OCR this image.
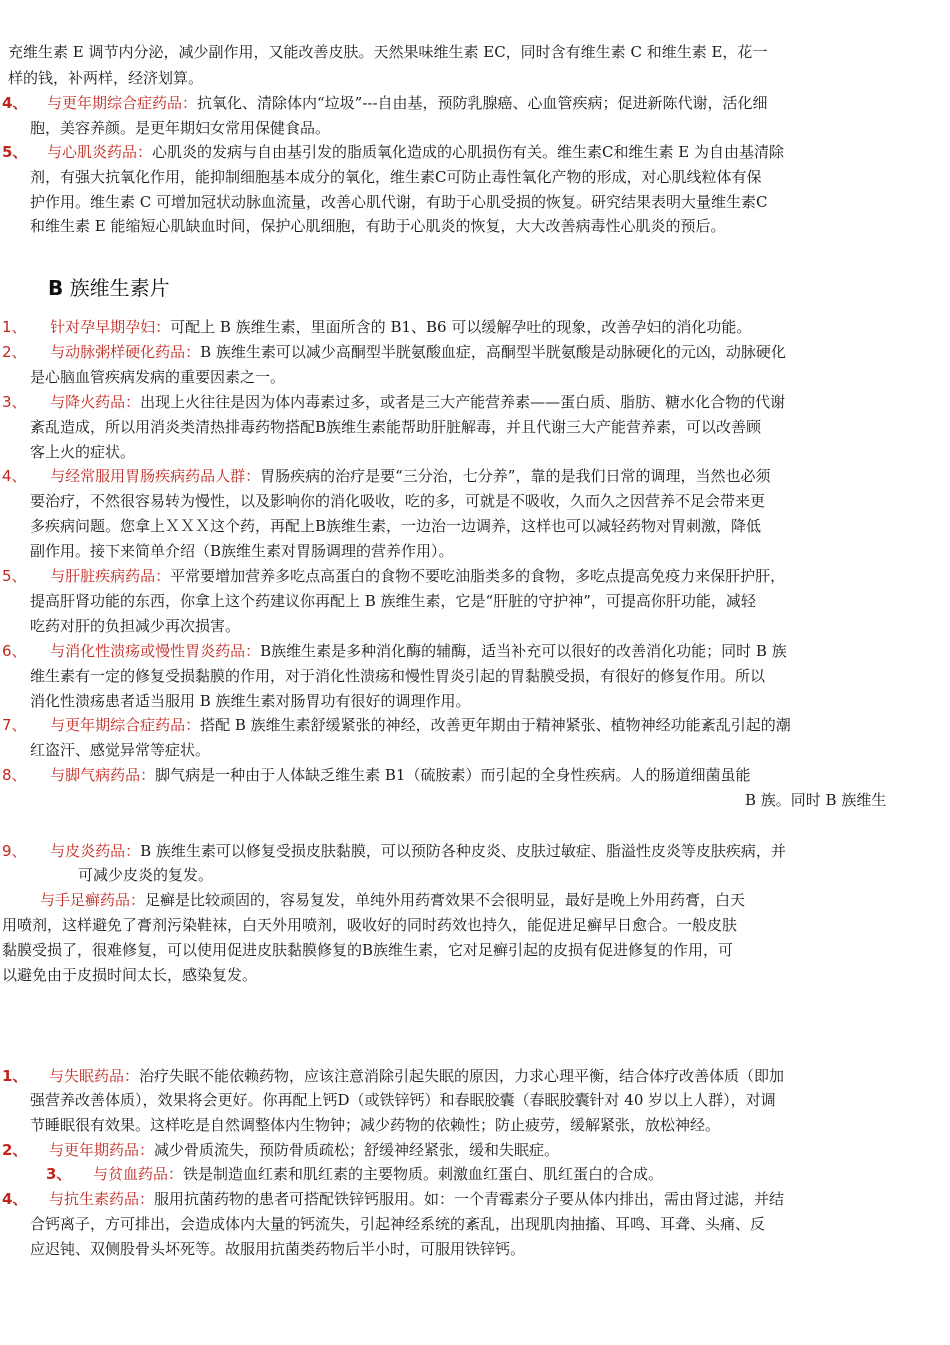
充维生素 E 调节内分泌，减少副作用，又能改善皮肤。天然果味维生素 EC，同时含有维生素 C 和维生素 E，花一
样的钱，补两样，经济划算。
4、 与更年期综合症药品：抗氧化、清除体内“垃圾”---自由基，预防乳腺癌、心血管疾病；促进新陈代谢，活化细
胞，美容养颜。是更年期妇女常用保健食品。
5、 与心肌炎药品：心肌炎的发病与自由基引发的脂质氧化造成的心肌损伤有关。维生素C和维生素 E 为自由基清除
剂，有强大抗氧化作用，能抑制细胞基本成分的氧化，维生素C可防止毒性氧化产物的形成，对心肌线粒体有保
护作用。维生素 C 可增加冠状动脉血流量，改善心肌代谢，有助于心肌受损的恢复。研究结果表明大量维生素C
和维生素 E 能缩短心肌缺血时间，保护心肌细胞，有助于心肌炎的恢复，大大改善病毒性心肌炎的预后。
B 族维生素片
1、 针对孕早期孕妇：可配上 B 族维生素，里面所含的 B1、B6 可以缓解孕吐的现象，改善孕妇的消化功能。
2、 与动脉粥样硬化药品：B 族维生素可以减少高酮型半胱氨酸血症，高酮型半胱氨酸是动脉硬化的元凶，动脉硬化
是心脑血管疾病发病的重要因素之一。
3、 与降火药品：出现上火往往是因为体内毒素过多，或者是三大产能营养素——蛋白质、脂肪、糖水化合物的代谢
紊乱造成，所以用消炎类清热排毒药物搭配B族维生素能帮助肝脏解毒，并且代谢三大产能营养素，可以改善顾
客上火的症状。
4、 与经常服用胃肠疾病药品人群：胃肠疾病的治疗是要“三分治，七分养”，靠的是我们日常的调理，当然也必须
要治疗，不然很容易转为慢性，以及影响你的消化吸收，吃的多，可就是不吸收，久而久之因营养不足会带来更
多疾病问题。您拿上ＸＸＸ这个药，再配上B族维生素，一边治一边调养，这样也可以减轻药物对胃刺激，降低
副作用。接下来简单介绍（B族维生素对胃肠调理的营养作用）。
5、 与肝脏疾病药品：平常要增加营养多吃点高蛋白的食物不要吃油脂类多的食物，多吃点提高免疫力来保肝护肝，
提高肝肾功能的东西，你拿上这个药建议你再配上 B 族维生素，它是“肝脏的守护神”，可提高你肝功能，减轻
吃药对肝的负担减少再次损害。
6、 与消化性溃疡或慢性胃炎药品：B族维生素是多种消化酶的辅酶，适当补充可以很好的改善消化功能；同时 B 族
维生素有一定的修复受损黏膜的作用，对于消化性溃疡和慢性胃炎引起的胃黏膜受损，有很好的修复作用。所以
消化性溃疡患者适当服用 B 族维生素对肠胃功有很好的调理作用。
7、 与更年期综合症药品：搭配 B 族维生素舒缓紧张的神经，改善更年期由于精神紧张、植物神经功能紊乱引起的潮
红盗汗、感觉异常等症状。
8、 与脚气病药品：脚气病是一种由于人体缺乏维生素 B1（硫胺素）而引起的全身性疾病。人的肠道细菌虽能
B 族。同时 B 族维生
9、 与皮炎药品：B 族维生素可以修复受损皮肤黏膜，可以预防各种皮炎、皮肤过敏症、脂溢性皮炎等皮肤疾病，并
可减少皮炎的复发。
与手足癣药品：足癣是比较顽固的，容易复发，单纯外用药膏效果不会很明显，最好是晚上外用药膏，白天
用喷剂，这样避免了膏剂污染鞋袜，白天外用喷剂，吸收好的同时药效也持久，能促进足癣早日愈合。一般皮肤
黏膜受损了，很难修复，可以使用促进皮肤黏膜修复的B族维生素，它对足癣引起的皮损有促进修复的作用，可
以避免由于皮损时间太长，感染复发。
1、 与失眠药品：治疗失眠不能依赖药物，应该注意消除引起失眠的原因，力求心理平衡，结合体疗改善体质（即加
强营养改善体质），效果将会更好。你再配上钙D（或铁锌钙）和春眠胶囊（春眠胶囊针对 40 岁以上人群），对调
节睡眠很有效果。这样吃是自然调整体内生物钟；减少药物的依赖性；防止疲劳，缓解紧张，放松神经。
2、 与更年期药品：减少骨质流失，预防骨质疏松；舒缓神经紧张，缓和失眠症。
3、 与贫血药品：铁是制造血红素和肌红素的主要物质。刺激血红蛋白、肌红蛋白的合成。
4、 与抗生素药品：服用抗菌药物的患者可搭配铁锌钙服用。如：一个青霉素分子要从体内排出，需由肾过滤，并结
合钙离子，方可排出，会造成体内大量的钙流失，引起神经系统的紊乱，出现肌肉抽搐、耳鸣、耳聋、头痛、反
应迟钝、双侧股骨头坏死等。故服用抗菌类药物后半小时，可服用铁锌钙。
